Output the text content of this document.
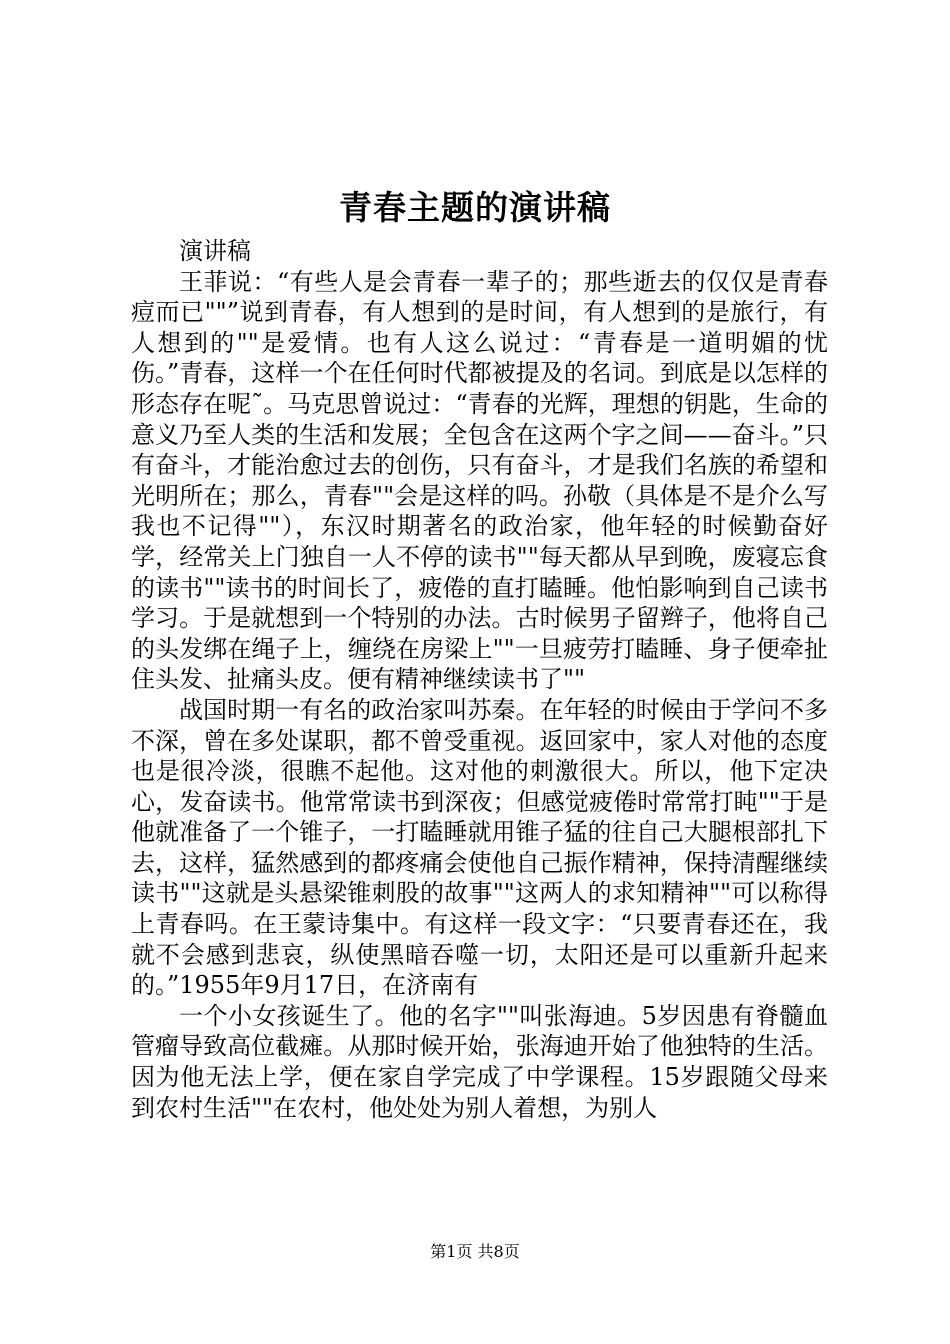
青春主题的演讲稿

演讲稿

王菲说：“有些人是会青春一辈子的；那些逝去的仅仅是青春痘而已""”说到青春，有人想到的是时间，有人想到的是旅行，有人想到的""是爱情。也有人这么说过：“青春是一道明媚的忧伤。”青春，这样一个在任何时代都被提及的名词。到底是以怎样的形态存在呢˜。马克思曾说过：“青春的光辉，理想的钥匙，生命的意义乃至人类的生活和发展；全包含在这两个字之间——奋斗。”只有奋斗，才能治愈过去的创伤，只有奋斗，才是我们名族的希望和光明所在；那么，青春""会是这样的吗。孙敬（具体是不是介么写我也不记得""），东汉时期著名的政治家，他年轻的时候勤奋好学，经常关上门独自一人不停的读书""每天都从早到晚，废寝忘食的读书""读书的时间长了，疲倦的直打瞌睡。他怕影响到自己读书学习。于是就想到一个特别的办法。古时候男子留辫子，他将自己的头发绑在绳子上，缠绕在房梁上""一旦疲劳打瞌睡、身子便牵扯住头发、扯痛头皮。便有精神继续读书了""

战国时期一有名的政治家叫苏秦。在年轻的时候由于学问不多不深，曾在多处谋职，都不曾受重视。返回家中，家人对他的态度也是很冷淡，很瞧不起他。这对他的刺激很大。所以，他下定决心，发奋读书。他常常读书到深夜；但感觉疲倦时常常打盹""于是他就准备了一个锥子，一打瞌睡就用锥子猛的往自己大腿根部扎下去，这样，猛然感到的都疼痛会使他自己振作精神，保持清醒继续读书""这就是头悬梁锥刺股的故事""这两人的求知精神""可以称得上青春吗。在王蒙诗集中。有这样一段文字：“只要青春还在，我就不会感到悲哀，纵使黑暗吞噬一切，太阳还是可以重新升起来的。”1955年9月17日，在济南有

一个小女孩诞生了。他的名字""叫张海迪。5岁因患有脊髓血管瘤导致高位截瘫。从那时候开始，张海迪开始了他独特的生活。因为他无法上学，便在家自学完成了中学课程。15岁跟随父母来到农村生活""在农村，他处处为别人着想，为别人

第1页 共8页
